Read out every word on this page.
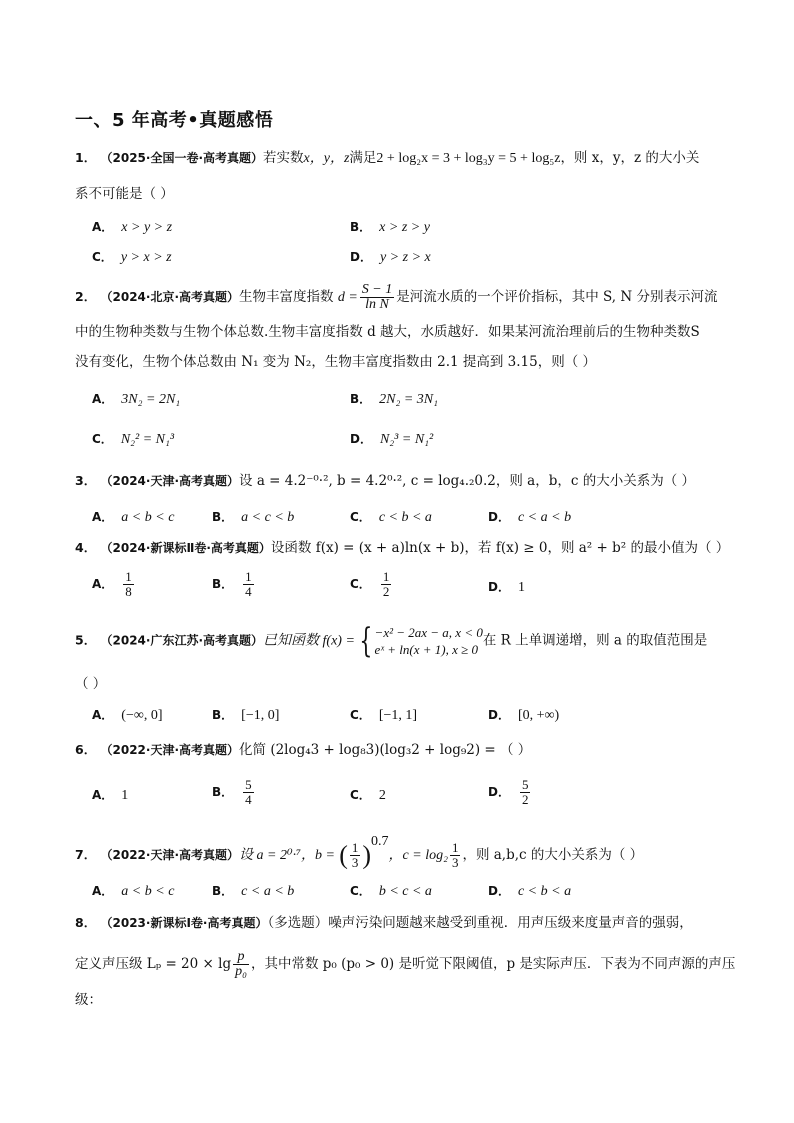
一、5 年高考•真题感悟
1． （2025·全国一卷·高考真题）若实数x，y，z满足2 + log₂x = 3 + log₃y = 5 + log₅z，则 x，y，z 的大小关
系不可能是（ ）
A． x > y > z	B． x > z > y
C． y > x > z	D． y > z > x
2． （2024·北京·高考真题）生物丰富度指数 $d = \frac{S - 1}{\text{ln N}}$ 是河流水质的一个评价指标，其中 S, N 分别表示河流
中的生物种类数与生物个体总数.生物丰富度指数 d 越大，水质越好．如果某河流治理前后的生物种类数S
没有变化，生物个体总数由 N₁ 变为 N₂，生物丰富度指数由 2.1 提高到 3.15，则（ ）
A． 3N₂ = 2N₁	B． 2N₂ = 3N₁
C． N₂² = N₁³	D． N₂³ = N₁²
3． （2024·天津·高考真题）设 a = 4.2⁻⁰·², b = 4.2⁰·², c = log₄.₂0.2，则 a，b，c 的大小关系为（ ）
A． a < b < c	B． a < c < b	C． c < b < a	D． c < a < b
4． （2024·新课标Ⅱ卷·高考真题）设函数 f(x) = (x + a)ln(x + b)，若 f(x) ≥ 0，则 a² + b² 的最小值为（ ）
A． $\frac{1}{8}$	B． $\frac{1}{4}$	C． $\frac{1}{2}$	D． 1
5． （2024·广东江苏·高考真题）已知函数 f(x) = { −x² − 2ax − a, x < 0
eˣ + ln(x + 1), x ≥ 0
在 R 上单调递增，则 a 的取值范围是
（ ）
A． (−∞, 0]	B． [−1, 0]	C． [−1, 1]	D． [0, +∞)
6． （2022·天津·高考真题）化简 (2log₄3 + log₈3)(log₃2 + log₉2) = （ ）
A． 1	B． $\frac{5}{4}$	C． 2	D． $\frac{5}{2}$
7． （2022·天津·高考真题）设 a = 2⁰·⁷，b = ( $\frac{1}{3} )^{0.7}$，$c = \log_2 \frac{1}{3}$ ，则 a,b,c 的大小关系为（ ）
A． a < b < c	B． c < a < b	C． b < c < a	D． c < b < a
8． （2023·新课标Ⅰ卷·高考真题）（多选题）噪声污染问题越来越受到重视．用声压级来度量声音的强弱，
定义声压级 $L_p = 20 \times \lg \frac{p}{\text{p₀}}$ ，其中常数 p₀ (p₀ > 0) 是听觉下限阈值，p 是实际声压．下表为不同声源的声压
级：
